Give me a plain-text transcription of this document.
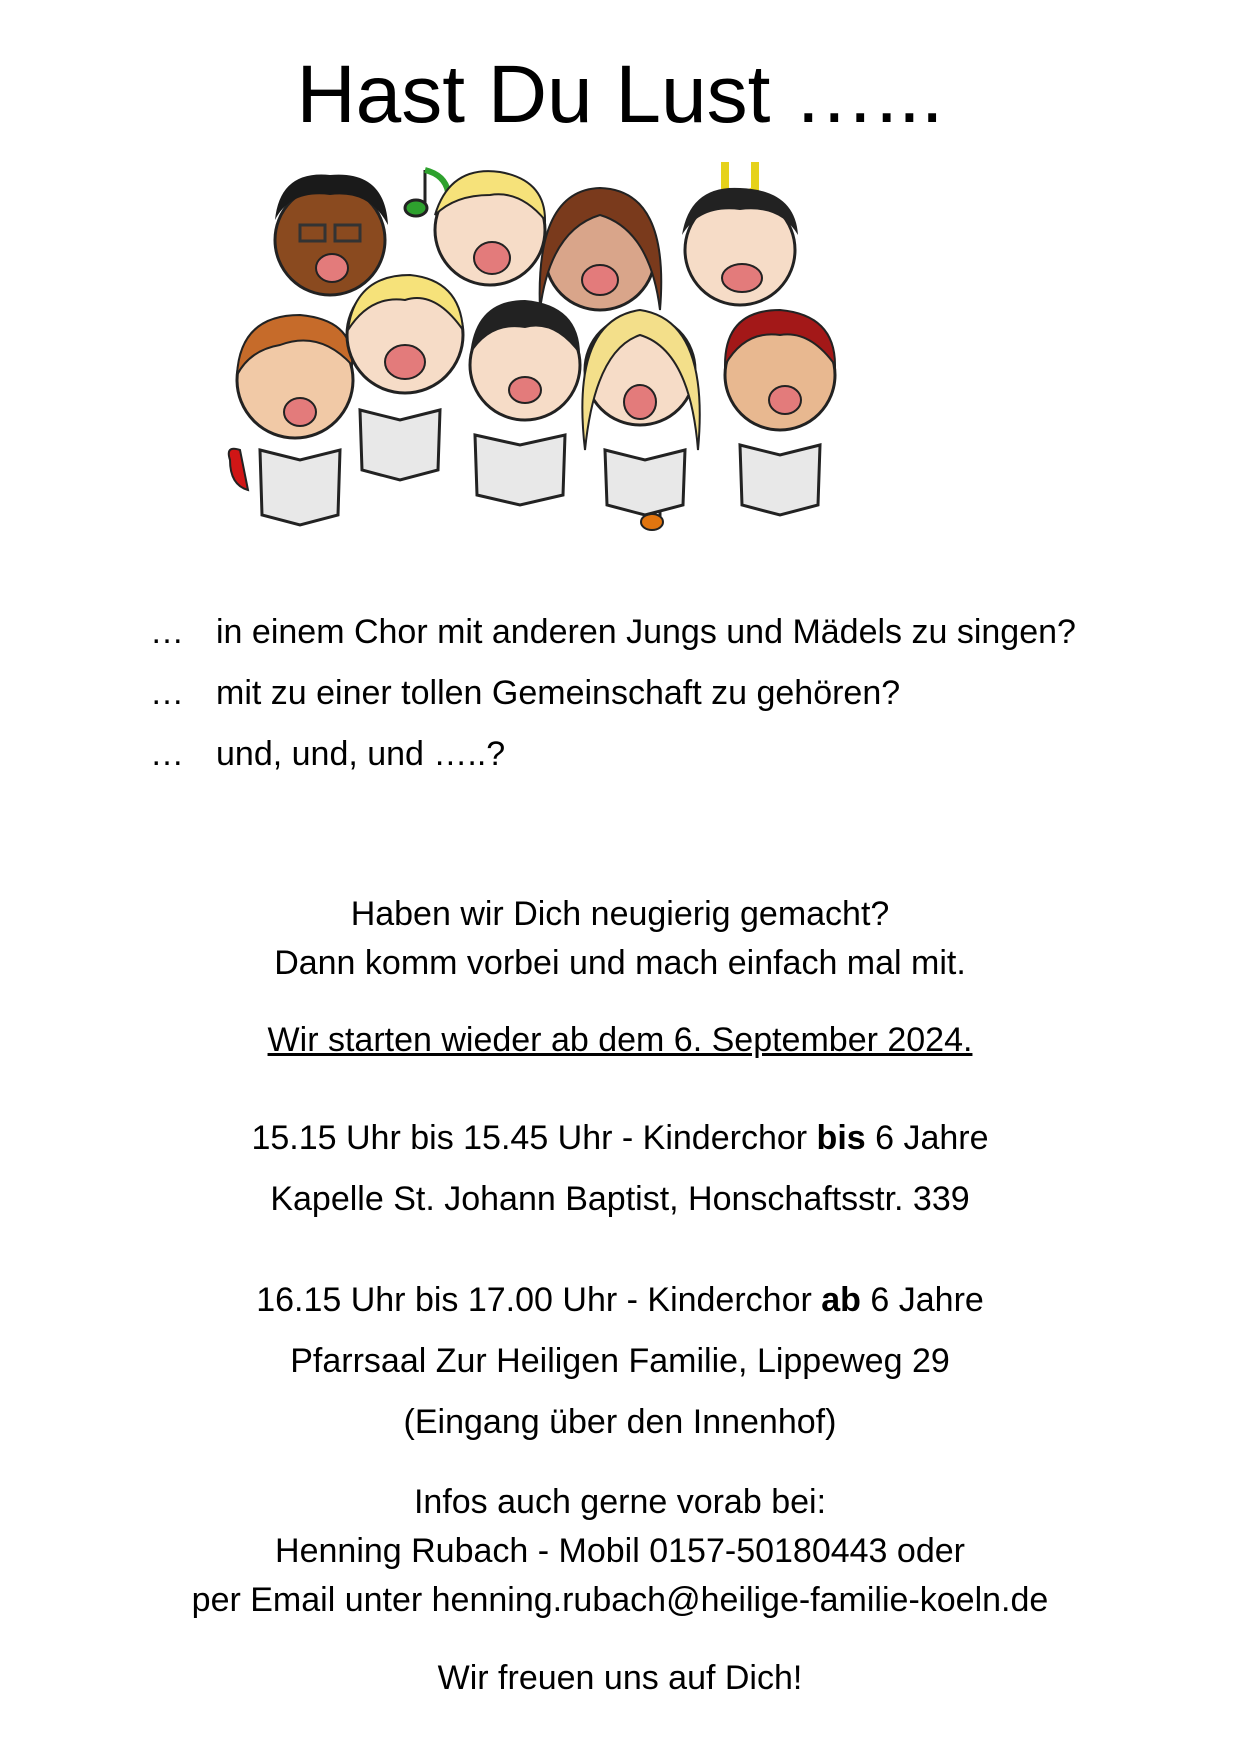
Hast Du Lust …...
… in einem Chor mit anderen Jungs und Mädels zu singen?
… mit zu einer tollen Gemeinschaft zu gehören?
… und, und, und …..?
Haben wir Dich neugierig gemacht?
Dann komm vorbei und mach einfach mal mit.
Wir starten wieder ab dem 6. September 2024.
15.15 Uhr bis 15.45 Uhr - Kinderchor bis 6 Jahre
Kapelle St. Johann Baptist, Honschaftsstr. 339
16.15 Uhr bis 17.00 Uhr - Kinderchor ab 6 Jahre
Pfarrsaal Zur Heiligen Familie, Lippeweg 29
(Eingang über den Innenhof)
Infos auch gerne vorab bei:
Henning Rubach - Mobil 0157-50180443 oder
per Email unter henning.rubach@heilige-familie-koeln.de
Wir freuen uns auf Dich!
